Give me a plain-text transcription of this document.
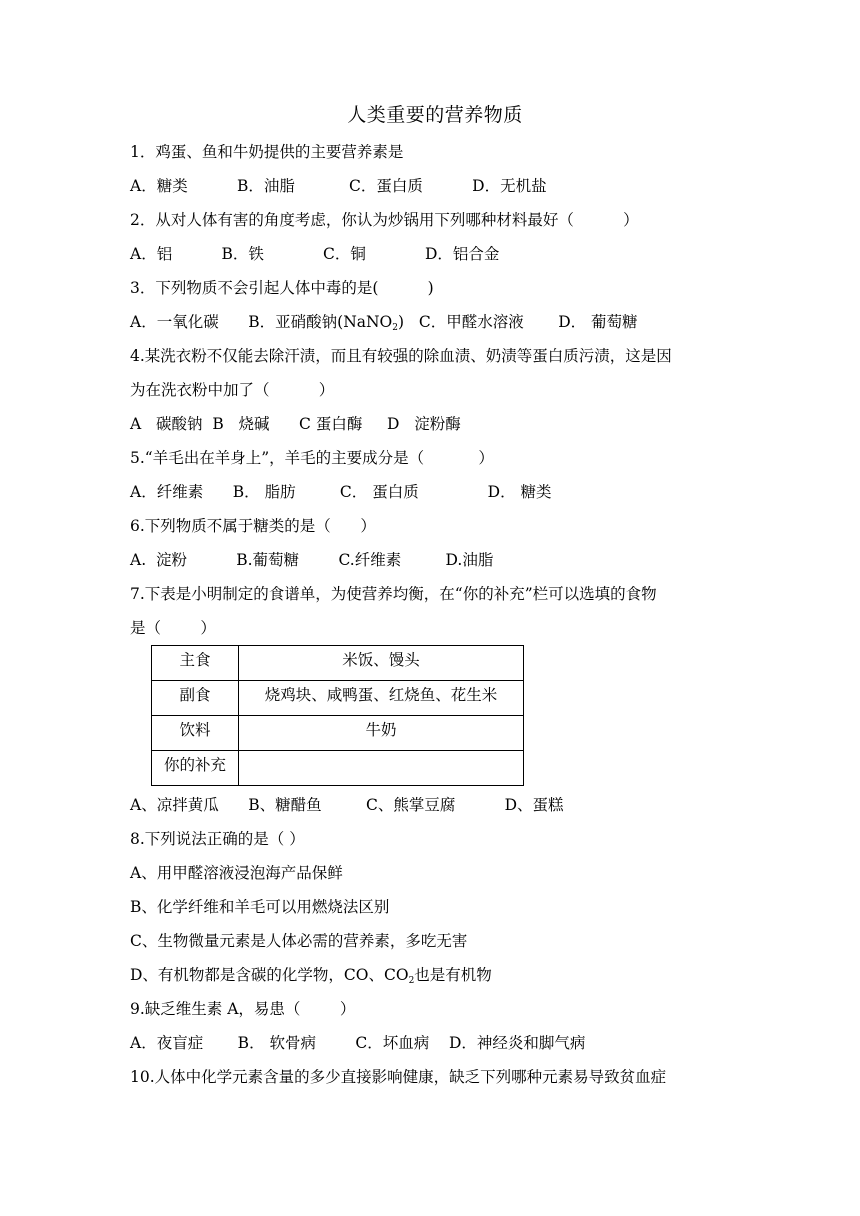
人类重要的营养物质
1．鸡蛋、鱼和牛奶提供的主要营养素是
A．糖类          B．油脂           C．蛋白质          D．无机盐
2．从对人体有害的角度考虑，你认为炒锅用下列哪种材料最好（          ）
A．铝          B．铁            C．铜            D．铝合金
3．下列物质不会引起人体中毒的是(          )
A．一氧化碳      B．亚硝酸钠(NaNO$_2$)   C．甲醛水溶液       D． 葡萄糖
4.某洗衣粉不仅能去除汗渍，而且有较强的除血渍、奶渍等蛋白质污渍，这是因
为在洗衣粉中加了（          ）
A   碳酸钠  B   烧碱      C 蛋白酶     D   淀粉酶
5.“羊毛出在羊身上”，羊毛的主要成分是（           ）
A．纤维素      B． 脂肪         C． 蛋白质              D． 糖类
6.下列物质不属于糖类的是（      ）
A.  淀粉          B.葡萄糖        C.纤维素         D.油脂
7.下表是小明制定的食谱单，为使营养均衡，在“你的补充”栏可以选填的食物
是（        ）
主食	米饭、馒头
副食	烧鸡块、咸鸭蛋、红烧鱼、花生米
饮料	牛奶
你的补充	
A、凉拌黄瓜      B、糖醋鱼         C、熊掌豆腐          D、蛋糕
8.下列说法正确的是（ ）
A、用甲醛溶液浸泡海产品保鲜
B、化学纤维和羊毛可以用燃烧法区别
C、生物微量元素是人体必需的营养素，多吃无害
D、有机物都是含碳的化学物，CO、$CO_2$也是有机物
9.缺乏维生素 A，易患（        ）
A．夜盲症       B． 软骨病        C．坏血病    D．神经炎和脚气病
10.人体中化学元素含量的多少直接影响健康，缺乏下列哪种元素易导致贫血症
